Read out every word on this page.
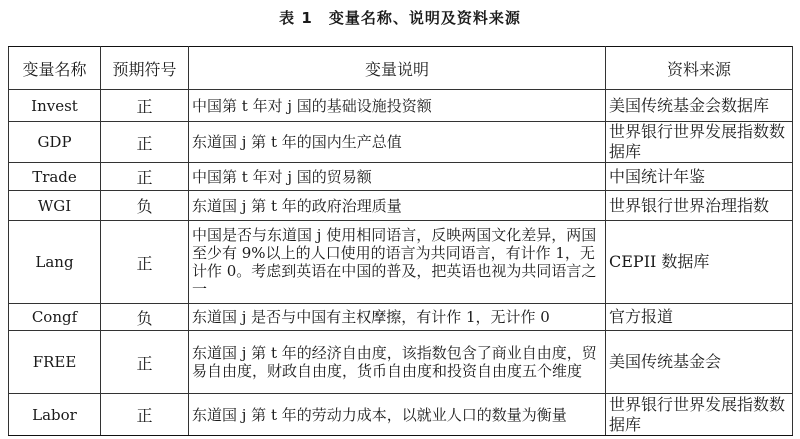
表 1　变量名称、说明及资料来源
变量名称	预期符号	变量说明	资料来源
Invest	正	中国第 t 年对 j 国的基础设施投资额	美国传统基金会数据库
GDP	正	东道国 j 第 t 年的国内生产总值	世界银行世界发展指数数据库
Trade	正	中国第 t 年对 j 国的贸易额	中国统计年鉴
WGI	负	东道国 j 第 t 年的政府治理质量	世界银行世界治理指数
Lang	正	中国是否与东道国 j 使用相同语言，反映两国文化差异，两国至少有 9%以上的人口使用的语言为共同语言，有计作 1，无计作 0。考虑到英语在中国的普及，把英语也视为共同语言之一	CEPII 数据库
Congf	负	东道国 j 是否与中国有主权摩擦，有计作 1，无计作 0	官方报道
FREE	正	东道国 j 第 t 年的经济自由度，该指数包含了商业自由度，贸易自由度，财政自由度，货币自由度和投资自由度五个维度	美国传统基金会
Labor	正	东道国 j 第 t 年的劳动力成本，以就业人口的数量为衡量	世界银行世界发展指数数据库
